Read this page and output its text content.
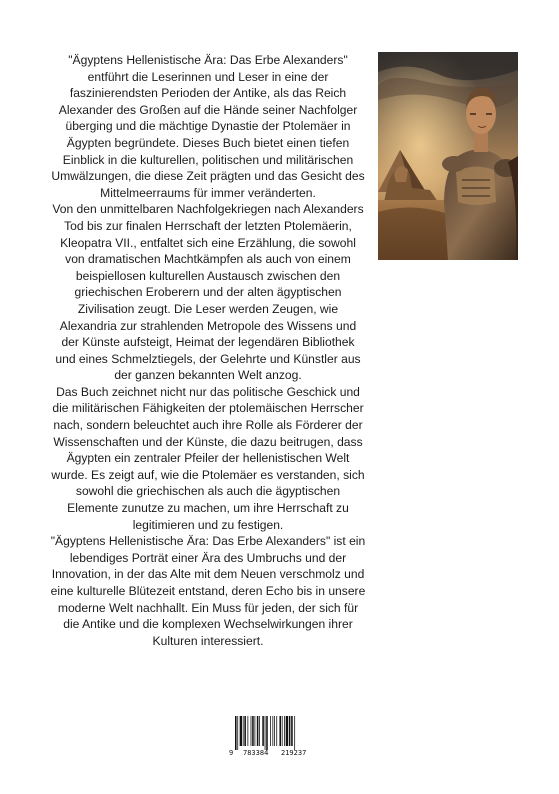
"Ägyptens Hellenistische Ära: Das Erbe Alexanders" entführt die Leserinnen und Leser in eine der faszinierendsten Perioden der Antike, als das Reich Alexander des Großen auf die Hände seiner Nachfolger überging und die mächtige Dynastie der Ptolemäer in Ägypten begründete. Dieses Buch bietet einen tiefen Einblick in die kulturellen, politischen und militärischen Umwälzungen, die diese Zeit prägten und das Gesicht des Mittelmeerraums für immer veränderten.

Von den unmittelbaren Nachfolgekriegen nach Alexanders Tod bis zur finalen Herrschaft der letzten Ptolemäerin, Kleopatra VII., entfaltet sich eine Erzählung, die sowohl von dramatischen Machtkämpfen als auch von einem beispiellosen kulturellen Austausch zwischen den griechischen Eroberern und der alten ägyptischen Zivilisation zeugt. Die Leser werden Zeugen, wie Alexandria zur strahlenden Metropole des Wissens und der Künste aufsteigt, Heimat der legendären Bibliothek und eines Schmelztiegels, der Gelehrte und Künstler aus der ganzen bekannten Welt anzog.

Das Buch zeichnet nicht nur das politische Geschick und die militärischen Fähigkeiten der ptolemäischen Herrscher nach, sondern beleuchtet auch ihre Rolle als Förderer der Wissenschaften und der Künste, die dazu beitrugen, dass Ägypten ein zentraler Pfeiler der hellenistischen Welt wurde. Es zeigt auf, wie die Ptolemäer es verstanden, sich sowohl die griechischen als auch die ägyptischen Elemente zunutze zu machen, um ihre Herrschaft zu legitimieren und zu festigen.

"Ägyptens Hellenistische Ära: Das Erbe Alexanders" ist ein lebendiges Porträt einer Ära des Umbruchs und der Innovation, in der das Alte mit dem Neuen verschmolz und eine kulturelle Blütezeit entstand, deren Echo bis in unsere moderne Welt nachhallt. Ein Muss für jeden, der sich für die Antike und die komplexen Wechselwirkungen ihrer Kulturen interessiert.

9 783384 219237
